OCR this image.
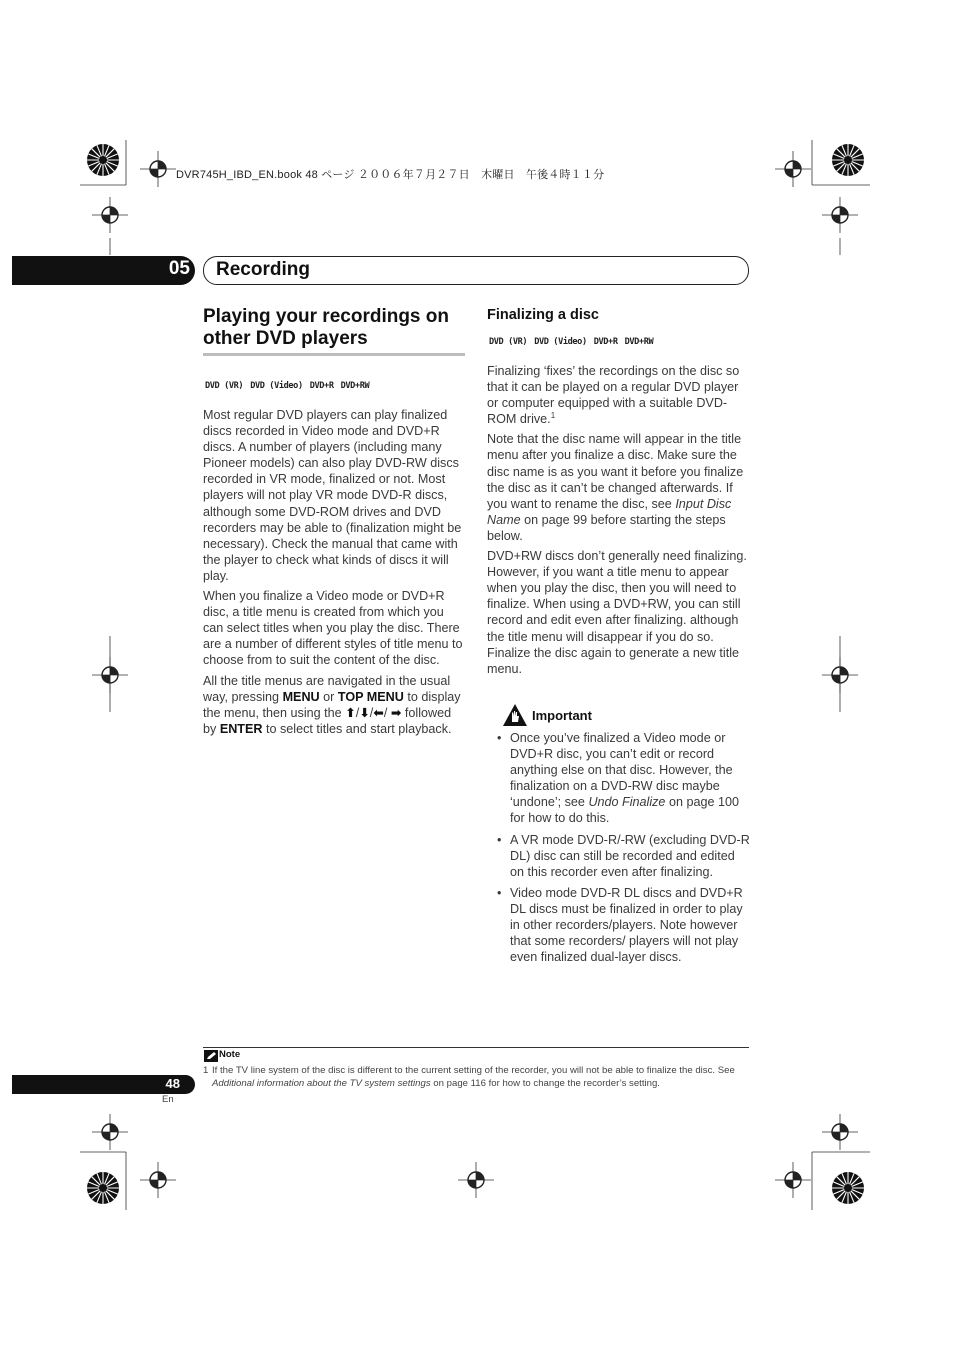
DVR745H_IBD_EN.book 48 ページ ２００６年７月２７日　木曜日　午後４時１１分
05 Recording
Playing your recordings on other DVD players
DVD (VR) DVD (Video) DVD+R DVD+RW

Most regular DVD players can play finalized discs recorded in Video mode and DVD+R discs. A number of players (including many Pioneer models) can also play DVD-RW discs recorded in VR mode, finalized or not. Most players will not play VR mode DVD-R discs, although some DVD-ROM drives and DVD recorders may be able to (finalization might be necessary). Check the manual that came with the player to check what kinds of discs it will play.

When you finalize a Video mode or DVD+R disc, a title menu is created from which you can select titles when you play the disc. There are a number of different styles of title menu to choose from to suit the content of the disc.

All the title menus are navigated in the usual way, pressing MENU or TOP MENU to display the menu, then using the ⬆/⬇/⬅/ ➡ followed by ENTER to select titles and start playback.

Finalizing a disc
DVD (VR) DVD (Video) DVD+R DVD+RW

Finalizing ‘fixes’ the recordings on the disc so that it can be played on a regular DVD player or computer equipped with a suitable DVD-ROM drive.$^1$

Note that the disc name will appear in the title menu after you finalize a disc. Make sure the disc name is as you want it before you finalize the disc as it can’t be changed afterwards. If you want to rename the disc, see Input Disc Name on page 99 before starting the steps below.

DVD+RW discs don’t generally need finalizing. However, if you want a title menu to appear when you play the disc, then you will need to finalize. When using a DVD+RW, you can still record and edit even after finalizing. although the title menu will disappear if you do so. Finalize the disc again to generate a new title menu.

Important
• Once you’ve finalized a Video mode or DVD+R disc, you can’t edit or record anything else on that disc. However, the finalization on a DVD-RW disc maybe ‘undone’; see Undo Finalize on page 100 for how to do this.
• A VR mode DVD-R/-RW (excluding DVD-R DL) disc can still be recorded and edited on this recorder even after finalizing.
• Video mode DVD-R DL discs and DVD+R DL discs must be finalized in order to play in other recorders/players. Note however that some recorders/ players will not play even finalized dual-layer discs.
Note
1 If the TV line system of the disc is different to the current setting of the recorder, you will not be able to finalize the disc. See Additional information about the TV system settings on page 116 for how to change the recorder’s setting.
48
En
